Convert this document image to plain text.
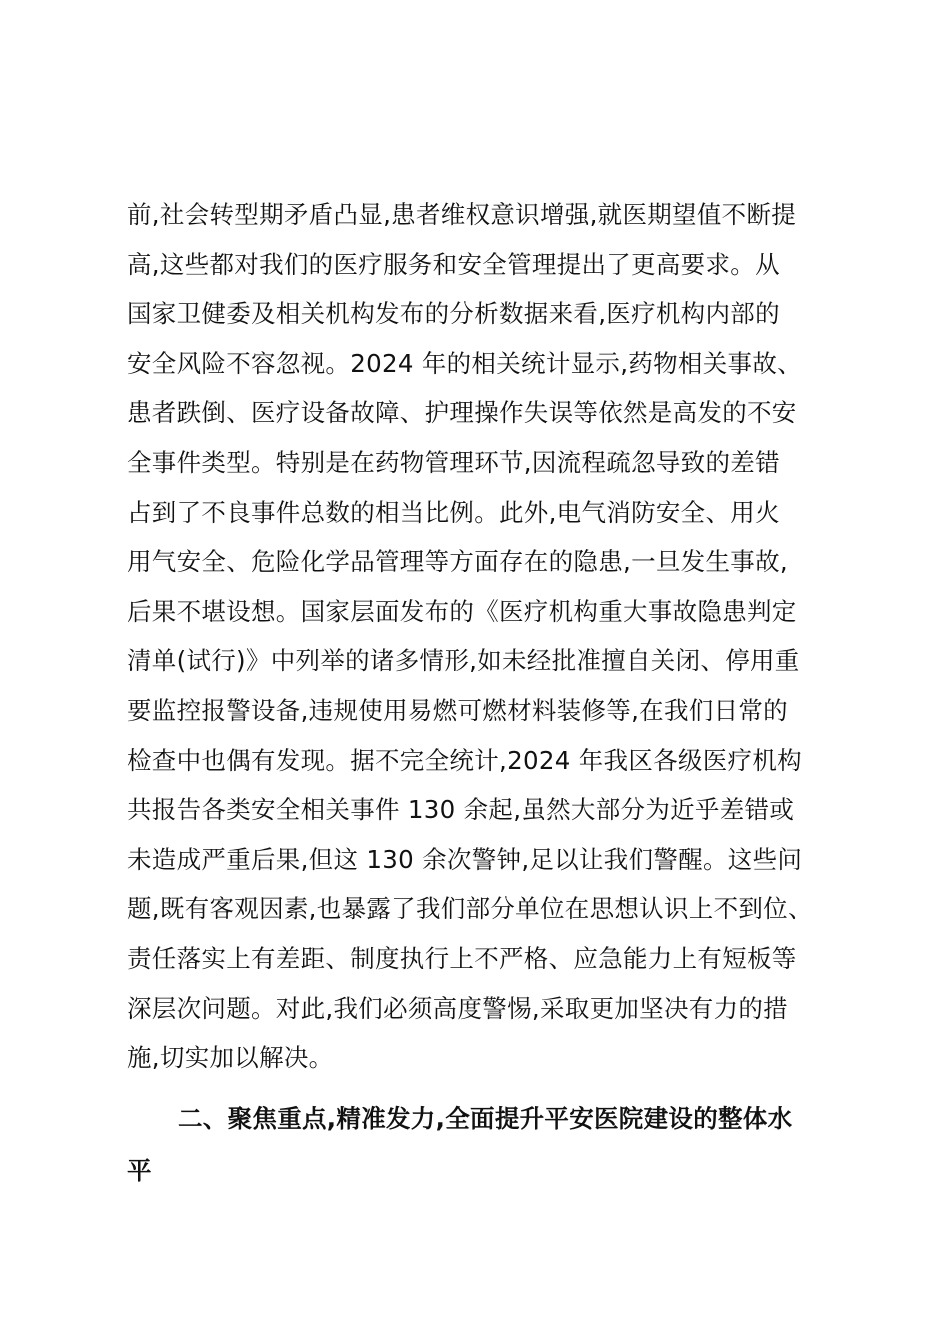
前,社会转型期矛盾凸显,患者维权意识增强,就医期望值不断提
高,这些都对我们的医疗服务和安全管理提出了更高要求。从
国家卫健委及相关机构发布的分析数据来看,医疗机构内部的
安全风险不容忽视。2024 年的相关统计显示,药物相关事故、
患者跌倒、医疗设备故障、护理操作失误等依然是高发的不安
全事件类型。特别是在药物管理环节,因流程疏忽导致的差错
占到了不良事件总数的相当比例。此外,电气消防安全、用火
用气安全、危险化学品管理等方面存在的隐患,一旦发生事故,
后果不堪设想。国家层面发布的《医疗机构重大事故隐患判定
清单(试行)》中列举的诸多情形,如未经批准擅自关闭、停用重
要监控报警设备,违规使用易燃可燃材料装修等,在我们日常的
检查中也偶有发现。据不完全统计,2024 年我区各级医疗机构
共报告各类安全相关事件 130 余起,虽然大部分为近乎差错或
未造成严重后果,但这 130 余次警钟,足以让我们警醒。这些问
题,既有客观因素,也暴露了我们部分单位在思想认识上不到位、
责任落实上有差距、制度执行上不严格、应急能力上有短板等
深层次问题。对此,我们必须高度警惕,采取更加坚决有力的措
施,切实加以解决。
二、聚焦重点,精准发力,全面提升平安医院建设的整体水
平
